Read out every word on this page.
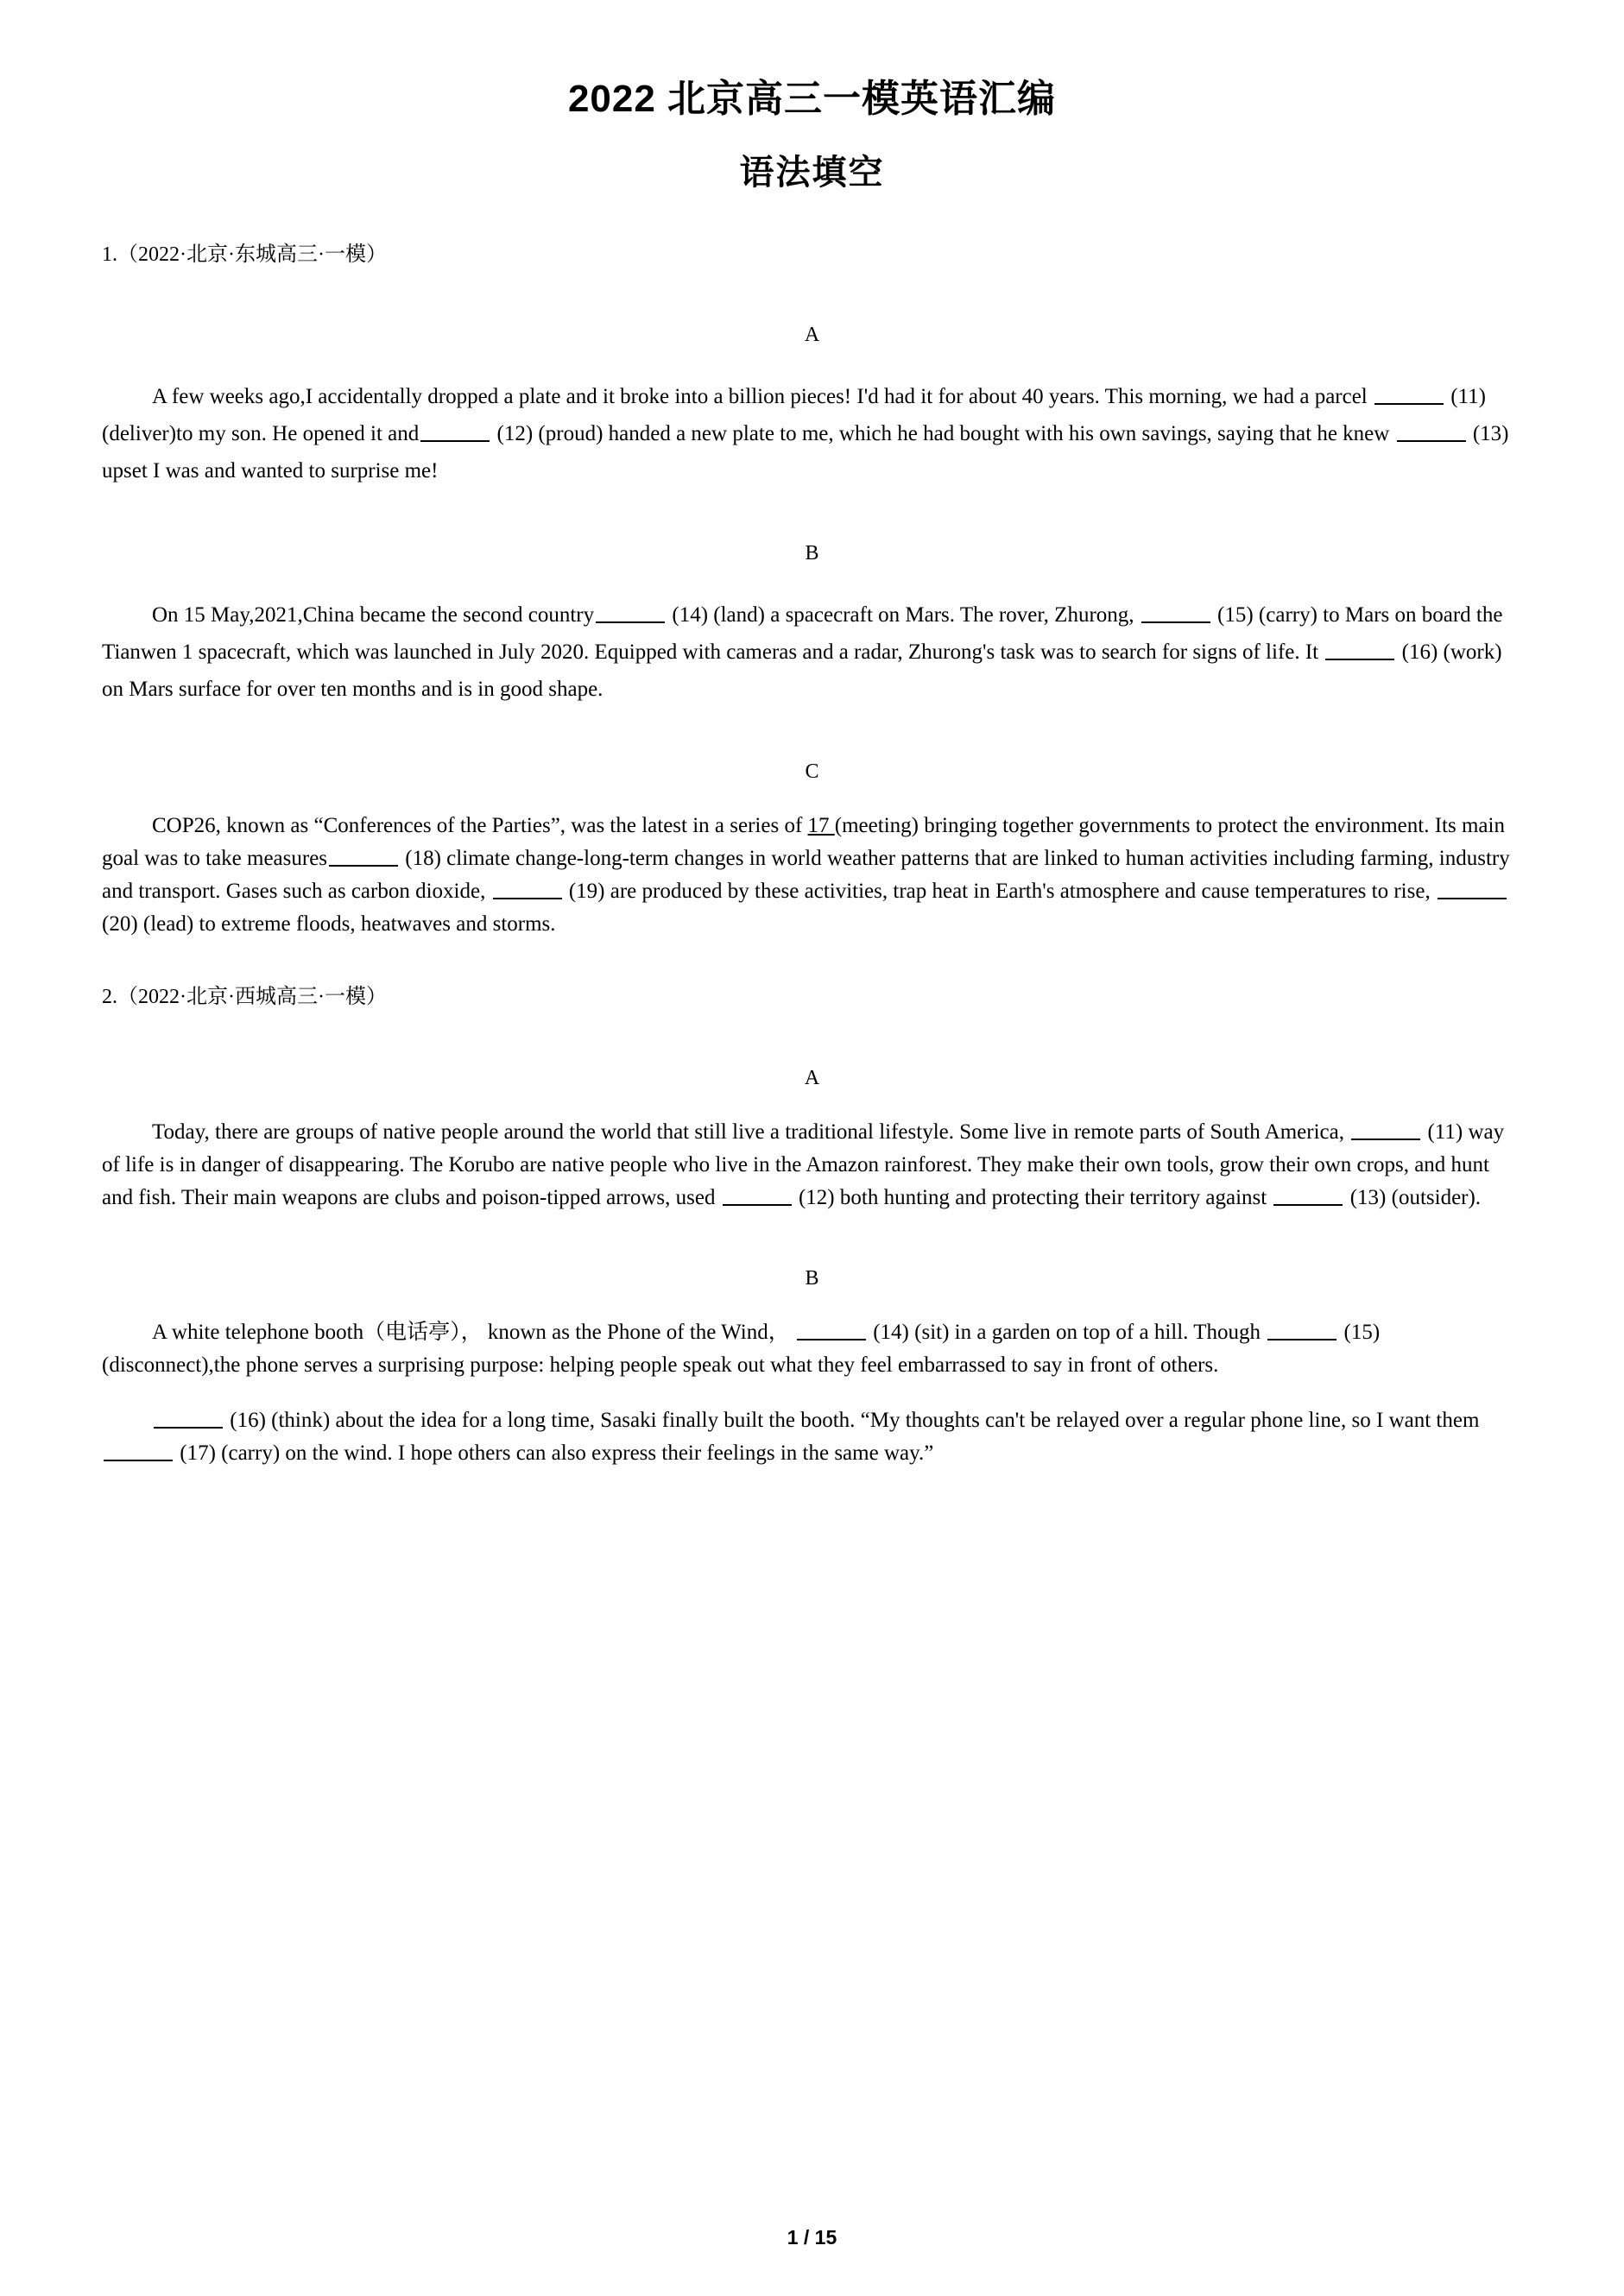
2022 北京高三一模英语汇编
语法填空
1.（2022·北京·东城高三·一模）
A

A few weeks ago,I accidentally dropped a plate and it broke into a billion pieces! I'd had it for about 40 years. This morning, we had a parcel	(11) (deliver)to my son. He opened it and	(12) (proud) handed a new plate to me, which he had bought with his own savings, saying that he knew	(13) upset I was and wanted to surprise me!

B

On 15 May,2021,China became the second country	(14) (land) a spacecraft on Mars. The rover, Zhurong,	(15) (carry) to Mars on board the Tianwen 1 spacecraft, which was launched in July 2020. Equipped with cameras and a radar, Zhurong's task was to search for signs of life. It	(16) (work) on Mars surface for over ten months and is in good shape.

C

COP26, known as “Conferences of the Parties”, was the latest in a series of 17 (meeting) bringing together governments to protect the environment. Its main goal was to take measures	(18) climate change-long-term changes in world weather patterns that are linked to human activities including farming, industry and transport. Gases such as carbon dioxide,	(19) are produced by these activities, trap heat in Earth's atmosphere and cause temperatures to rise,  (20) (lead) to extreme floods, heatwaves and storms.

2.（2022·北京·西城高三·一模）
A

Today, there are groups of native people around the world that still live a traditional lifestyle. Some live in remote parts of South America,	(11) way of life is in danger of disappearing. The Korubo are native people who live in the Amazon rainforest. They make their own tools, grow their own crops, and hunt and fish. Their main weapons are clubs and poison-tipped arrows, used	(12) both hunting and protecting their territory against	(13) (outsider).

B

A white telephone booth（电话亭）， known as the Phone of the Wind，	(14) (sit) in a garden on top of a hill. Though	(15) (disconnect),the phone serves a surprising purpose: helping people speak out what they feel embarrassed to say in front of others.

(16) (think) about the idea for a long time, Sasaki finally built the booth. “My thoughts can't be relayed over a regular phone line, so I want them  (17) (carry) on the wind. I hope others can also express their feelings in the same way.”

1 / 15
